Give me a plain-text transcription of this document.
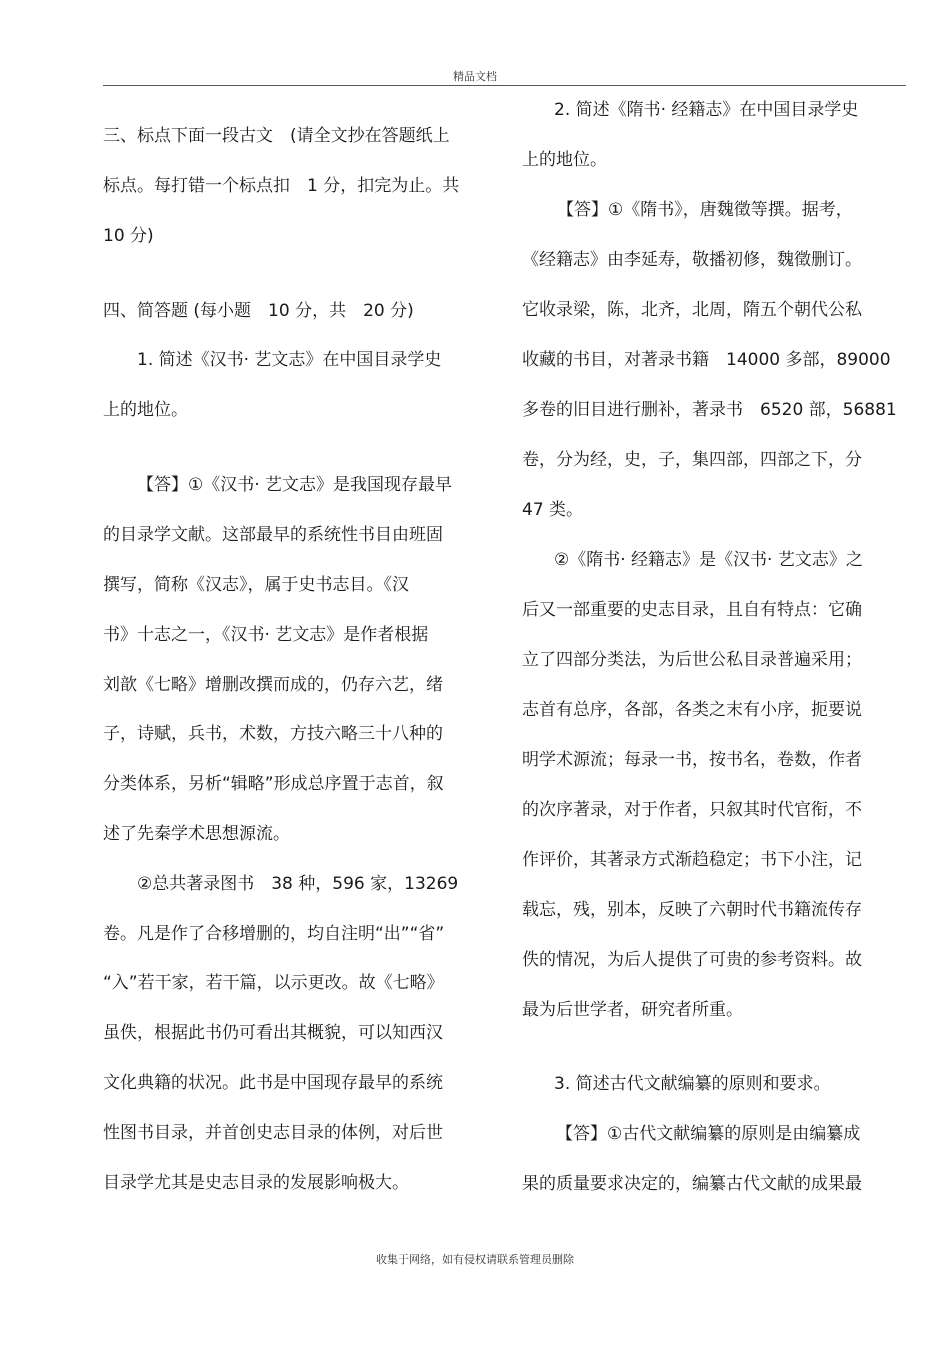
精品文档
三、标点下面一段古文　(请全文抄在答题纸上
标点。每打错一个标点扣　1 分，扣完为止。共
10 分)
四、简答题 (每小题　10 分，共　20 分)
1. 简述《汉书· 艺文志》在中国目录学史
上的地位。
【答】①《汉书· 艺文志》是我国现存最早
的目录学文献。这部最早的系统性书目由班固
撰写，简称《汉志》，属于史书志目。《汉
书》十志之一，《汉书· 艺文志》是作者根据
刘歆《七略》增删改撰而成的，仍存六艺，绪
子，诗赋，兵书，术数，方技六略三十八种的
分类体系，另析“辑略”形成总序置于志首，叙
述了先秦学术思想源流。
②总共著录图书　38 种，596 家，13269
卷。凡是作了合移增删的，均自注明“出”“省”
“入”若干家，若干篇，以示更改。故《七略》
虽佚，根据此书仍可看出其概貌，可以知西汉
文化典籍的状况。此书是中国现存最早的系统
性图书目录，并首创史志目录的体例，对后世
目录学尤其是史志目录的发展影响极大。
2. 简述《隋书· 经籍志》在中国目录学史
上的地位。
【答】①《隋书》，唐魏徵等撰。据考，
《经籍志》由李延寿，敬播初修，魏徵删订。
它收录梁，陈，北齐，北周，隋五个朝代公私
收藏的书目，对著录书籍　14000 多部，89000
多卷的旧目进行删补，著录书　6520 部，56881
卷，分为经，史，子，集四部，四部之下，分
47 类。
②《隋书· 经籍志》是《汉书· 艺文志》之
后又一部重要的史志目录，且自有特点：它确
立了四部分类法，为后世公私目录普遍采用；
志首有总序，各部，各类之末有小序，扼要说
明学术源流；每录一书，按书名，卷数，作者
的次序著录，对于作者，只叙其时代官衔，不
作评价，其著录方式渐趋稳定；书下小注，记
载忘，残，别本，反映了六朝时代书籍流传存
佚的情况，为后人提供了可贵的参考资料。故
最为后世学者，研究者所重。
3. 简述古代文献编纂的原则和要求。
【答】①古代文献编纂的原则是由编纂成
果的质量要求决定的，编纂古代文献的成果最
收集于网络，如有侵权请联系管理员删除
